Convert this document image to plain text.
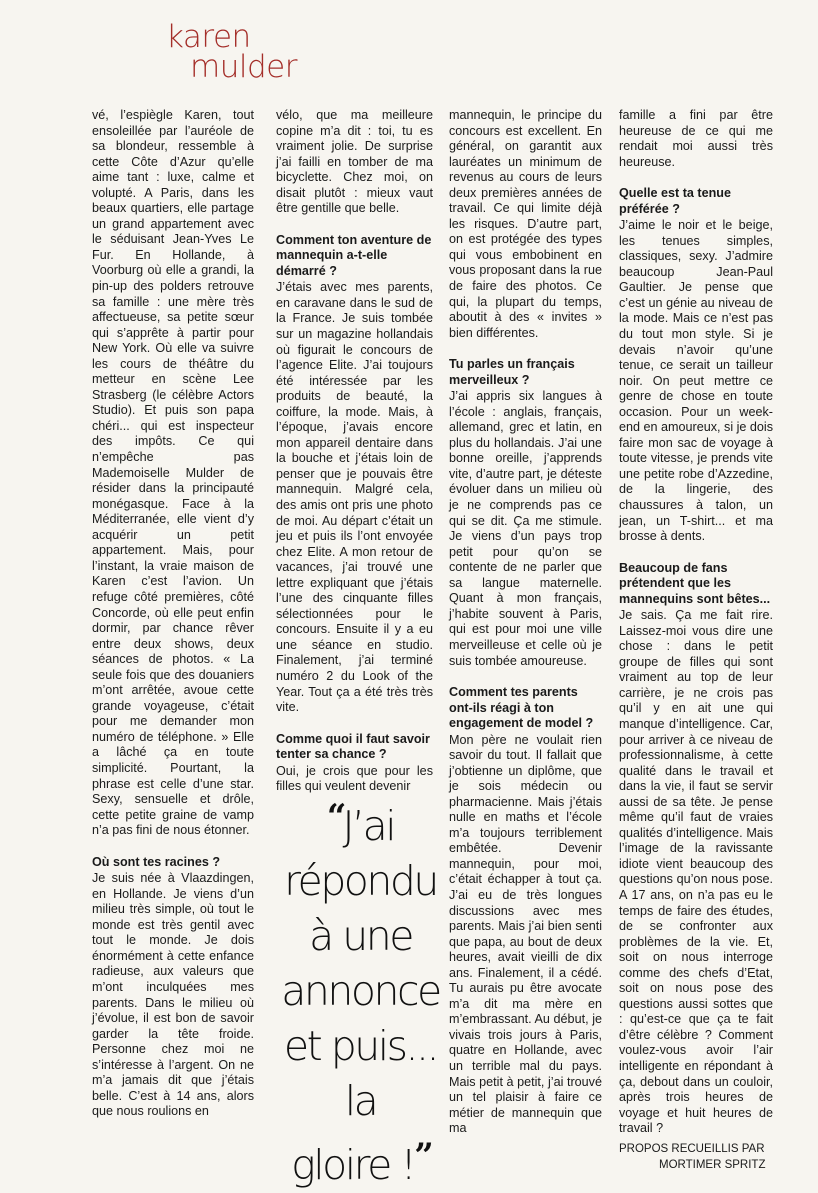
karen
mulder

vé, l’espiègle Karen, tout ensoleillée par l’auréole de sa blondeur, ressemble à cette Côte d’Azur qu’elle aime tant : luxe, calme et volupté. A Paris, dans les beaux quartiers, elle partage un grand appartement avec le séduisant Jean-Yves Le Fur. En Hollande, à Voorburg où elle a grandi, la pin-up des polders retrouve sa famille : une mère très affectueuse, sa petite sœur qui s’apprête à partir pour New York. Où elle va suivre les cours de théâtre du metteur en scène Lee Strasberg (le célèbre Actors Studio). Et puis son papa chéri... qui est inspecteur des impôts. Ce qui n’empêche pas Mademoiselle Mulder de résider dans la principauté monégasque. Face à la Méditerranée, elle vient d’y acquérir un petit appartement. Mais, pour l’instant, la vraie maison de Karen c’est l’avion. Un refuge côté premières, côté Concorde, où elle peut enfin dormir, par chance rêver entre deux shows, deux séances de photos. « La seule fois que des douaniers m’ont arrêtée, avoue cette grande voyageuse, c’était pour me demander mon numéro de téléphone. » Elle a lâché ça en toute simplicité. Pourtant, la phrase est celle d’une star. Sexy, sensuelle et drôle, cette petite graine de vamp n’a pas fini de nous étonner.

Où sont tes racines ?

Je suis née à Vlaazdingen, en Hollande. Je viens d’un milieu très simple, où tout le monde est très gentil avec tout le monde. Je dois énormément à cette enfance radieuse, aux valeurs que m’ont inculquées mes parents. Dans le milieu où j’évolue, il est bon de savoir garder la tête froide. Personne chez moi ne s’intéresse à l’argent. On ne m’a jamais dit que j’étais belle. C’est à 14 ans, alors que nous roulions en

vélo, que ma meilleure copine m’a dit : toi, tu es vraiment jolie. De surprise j’ai failli en tomber de ma bicyclette. Chez moi, on disait plutôt : mieux vaut être gentille que belle.

Comment ton aventure de mannequin a-t-elle démarré ?

J’étais avec mes parents, en caravane dans le sud de la France. Je suis tombée sur un magazine hollandais où figurait le concours de l’agence Elite. J’ai toujours été intéressée par les produits de beauté, la coiffure, la mode. Mais, à l’époque, j’avais encore mon appareil dentaire dans la bouche et j’étais loin de penser que je pouvais être mannequin. Malgré cela, des amis ont pris une photo de moi. Au départ c’était un jeu et puis ils l’ont envoyée chez Elite. A mon retour de vacances, j’ai trouvé une lettre expliquant que j’étais l’une des cinquante filles sélectionnées pour le concours. Ensuite il y a eu une séance en studio. Finalement, j’ai terminé numéro 2 du Look of the Year. Tout ça a été très très vite.

Comme quoi il faut savoir tenter sa chance ?

Oui, je crois que pour les filles qui veulent devenir

“J’ai
répondu
à une
annonce
et puis... la
gloire !”

mannequin, le principe du concours est excellent. En général, on garantit aux lauréates un minimum de revenus au cours de leurs deux premières années de travail. Ce qui limite déjà les risques. D’autre part, on est protégée des types qui vous embobinent en vous proposant dans la rue de faire des photos. Ce qui, la plupart du temps, aboutit à des « invites » bien différentes.

Tu parles un français merveilleux ?

J’ai appris six langues à l’école : anglais, français, allemand, grec et latin, en plus du hollandais. J’ai une bonne oreille, j’apprends vite, d’autre part, je déteste évoluer dans un milieu où je ne comprends pas ce qui se dit. Ça me stimule. Je viens d’un pays trop petit pour qu’on se contente de ne parler que sa langue maternelle. Quant à mon français, j’habite souvent à Paris, qui est pour moi une ville merveilleuse et celle où je suis tombée amoureuse.

Comment tes parents ont-ils réagi à ton engagement de model ?

Mon père ne voulait rien savoir du tout. Il fallait que j’obtienne un diplôme, que je sois médecin ou pharmacienne. Mais j’étais nulle en maths et l’école m’a toujours terriblement embêtée. Devenir mannequin, pour moi, c’était échapper à tout ça. J’ai eu de très longues discussions avec mes parents. Mais j’ai bien senti que papa, au bout de deux heures, avait vieilli de dix ans. Finalement, il a cédé. Tu aurais pu être avocate m’a dit ma mère en m’embrassant. Au début, je vivais trois jours à Paris, quatre en Hollande, avec un terrible mal du pays. Mais petit à petit, j’ai trouvé un tel plaisir à faire ce métier de mannequin que ma

famille a fini par être heureuse de ce qui me rendait moi aussi très heureuse.

Quelle est ta tenue préférée ?

J’aime le noir et le beige, les tenues simples, classiques, sexy. J’admire beaucoup Jean-Paul Gaultier. Je pense que c’est un génie au niveau de la mode. Mais ce n’est pas du tout mon style. Si je devais n’avoir qu’une tenue, ce serait un tailleur noir. On peut mettre ce genre de chose en toute occasion. Pour un week-end en amoureux, si je dois faire mon sac de voyage à toute vitesse, je prends vite une petite robe d’Azzedine, de la lingerie, des chaussures à talon, un jean, un T-shirt... et ma brosse à dents.

Beaucoup de fans prétendent que les mannequins sont bêtes...

Je sais. Ça me fait rire. Laissez-moi vous dire une chose : dans le petit groupe de filles qui sont vraiment au top de leur carrière, je ne crois pas qu’il y en ait une qui manque d’intelligence. Car, pour arriver à ce niveau de professionnalisme, à cette qualité dans le travail et dans la vie, il faut se servir aussi de sa tête. Je pense même qu’il faut de vraies qualités d’intelligence. Mais l’image de la ravissante idiote vient beaucoup des questions qu’on nous pose. A 17 ans, on n’a pas eu le temps de faire des études, de se confronter aux problèmes de la vie. Et, soit on nous interroge comme des chefs d’Etat, soit on nous pose des questions aussi sottes que : qu’est-ce que ça te fait d’être célèbre ? Comment voulez-vous avoir l’air intelligente en répondant à ça, debout dans un couloir, après trois heures de voyage et huit heures de travail ?

PROPOS RECUEILLIS PAR
MORTIMER SPRITZ
